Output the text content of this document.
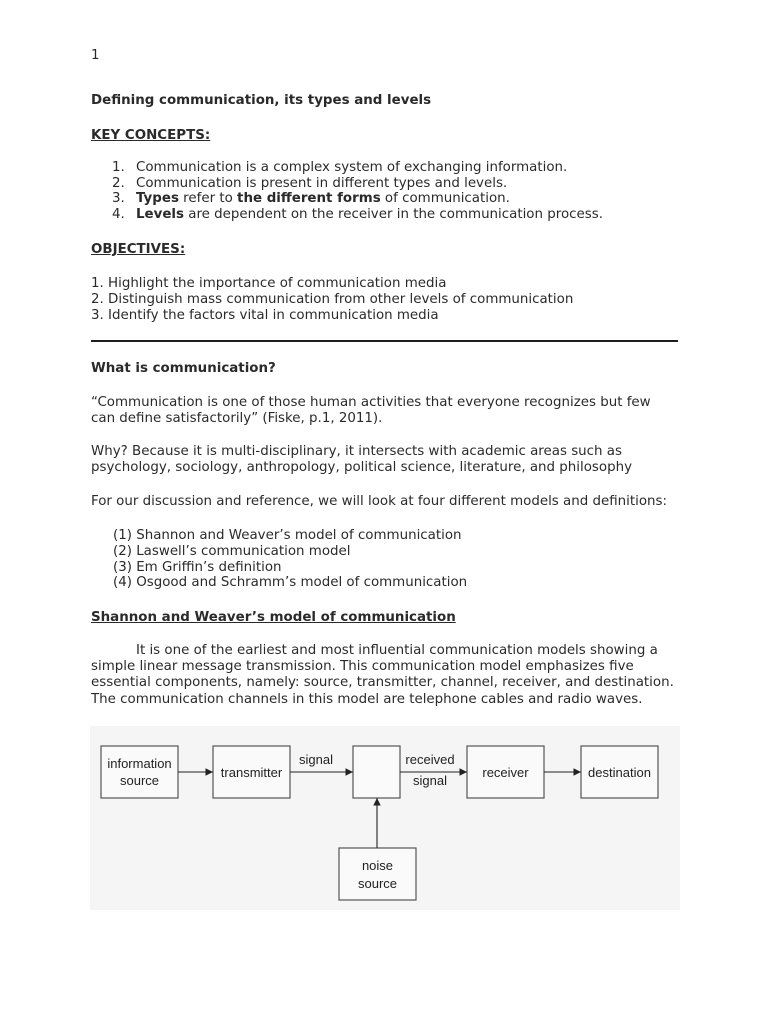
1
Defining communication, its types and levels
KEY CONCEPTS:
1. Communication is a complex system of exchanging information.
2. Communication is present in different types and levels.
3. Types refer to the different forms of communication.
4. Levels are dependent on the receiver in the communication process.
OBJECTIVES:
1. Highlight the importance of communication media
2. Distinguish mass communication from other levels of communication
3. Identify the factors vital in communication media
What is communication?
“Communication is one of those human activities that everyone recognizes but few can define satisfactorily” (Fiske, p.1, 2011).
Why? Because it is multi-disciplinary, it intersects with academic areas such as psychology, sociology, anthropology, political science, literature, and philosophy
For our discussion and reference, we will look at four different models and definitions:
(1) Shannon and Weaver’s model of communication
(2) Laswell’s communication model
(3) Em Griffin’s definition
(4) Osgood and Schramm’s model of communication
Shannon and Weaver’s model of communication
It is one of the earliest and most influential communication models showing a
simple linear message transmission. This communication model emphasizes five
essential components, namely: source, transmitter, channel, receiver, and destination.
The communication channels in this model are telephone cables and radio waves.
information
source
transmitter
signal	received
signal
receiver	destination
noise
source
